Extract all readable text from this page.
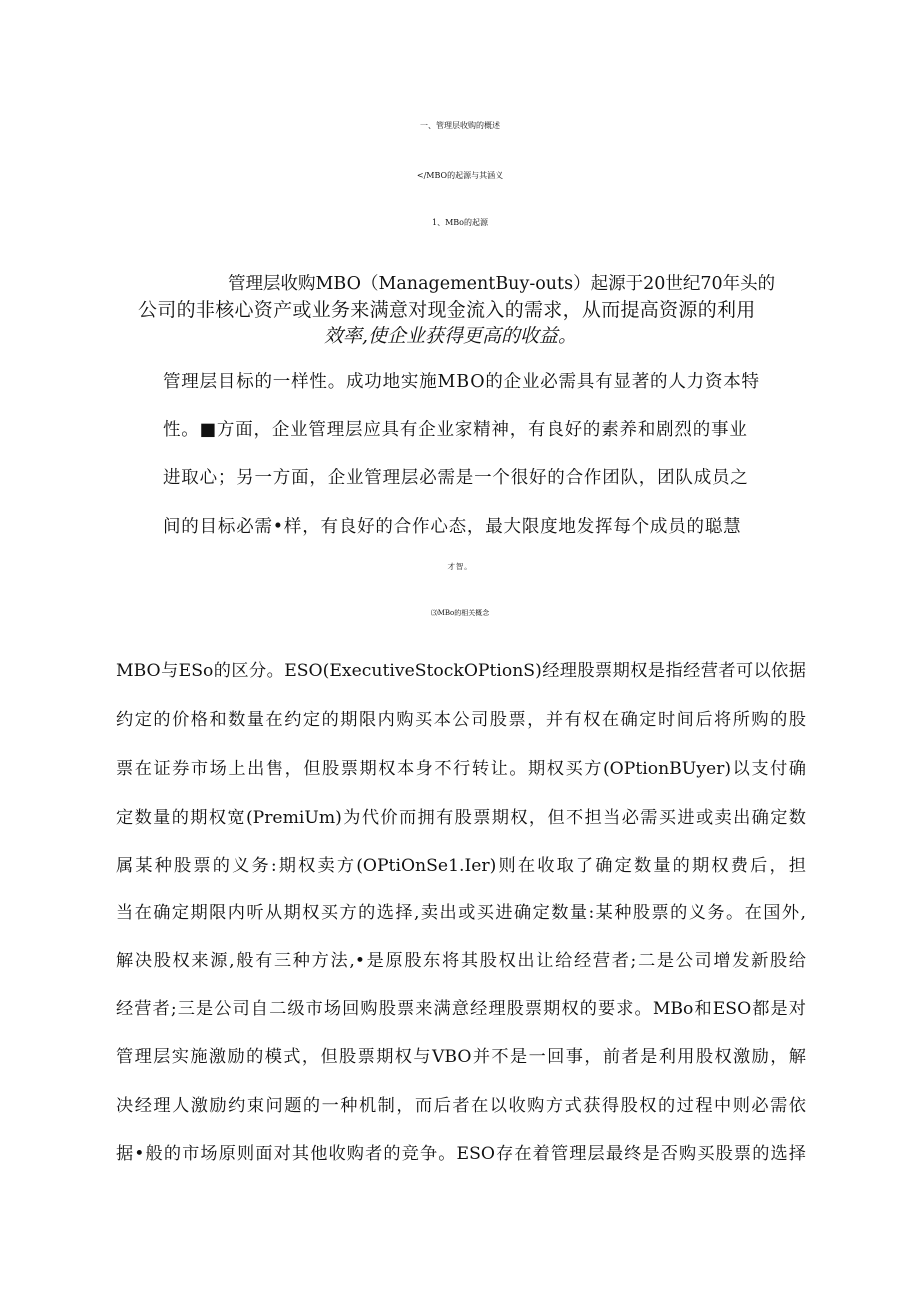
一、管理层收购的概述

</MBO的起源与其涵义

1、MBo的起源

管理层收购MBO（ManagementBuy-outs）起源于20世纪70年头的

公司的非核心资产或业务来满意对现金流入的需求，从而提高资源的利用

效率,使企业获得更高的收益。

管理层目标的一样性。成功地实施MBO的企业必需具有显著的人力资本特

性。■方面，企业管理层应具有企业家精神，有良好的素养和剧烈的事业

进取心；另一方面，企业管理层必需是一个很好的合作团队，团队成员之

间的目标必需•样，有良好的合作心态，最大限度地发挥每个成员的聪慧

才智。

⑶MBo的相关概念

MBO与ESo的区分。ESO(ExecutiveStockOPtionS)经理股票期权是指经营者可以依据

约定的价格和数量在约定的期限内购买本公司股票，并有权在确定时间后将所购的股

票在证券市场上出售，但股票期权本身不行转让。期权买方(OPtionBUyer)以支付确

定数量的期权宽(PremiUm)为代价而拥有股票期权，但不担当必需买进或卖出确定数

属某种股票的义务:期权卖方(OPtiOnSe1.Ier)则在收取了确定数量的期权费后，担

当在确定期限内听从期权买方的选择,卖出或买进确定数量:某种股票的义务。在国外,

解决股权来源,般有三种方法,•是原股东将其股权出让给经营者;二是公司增发新股给

经营者;三是公司自二级市场回购股票来满意经理股票期权的要求。MBo和ESO都是对

管理层实施激励的模式，但股票期权与VBO并不是一回事，前者是利用股权激励，解

决经理人激励约束问题的一种机制，而后者在以收购方式获得股权的过程中则必需依

据•般的市场原则面对其他收购者的竞争。ESO存在着管理层最终是否购买股票的选择
